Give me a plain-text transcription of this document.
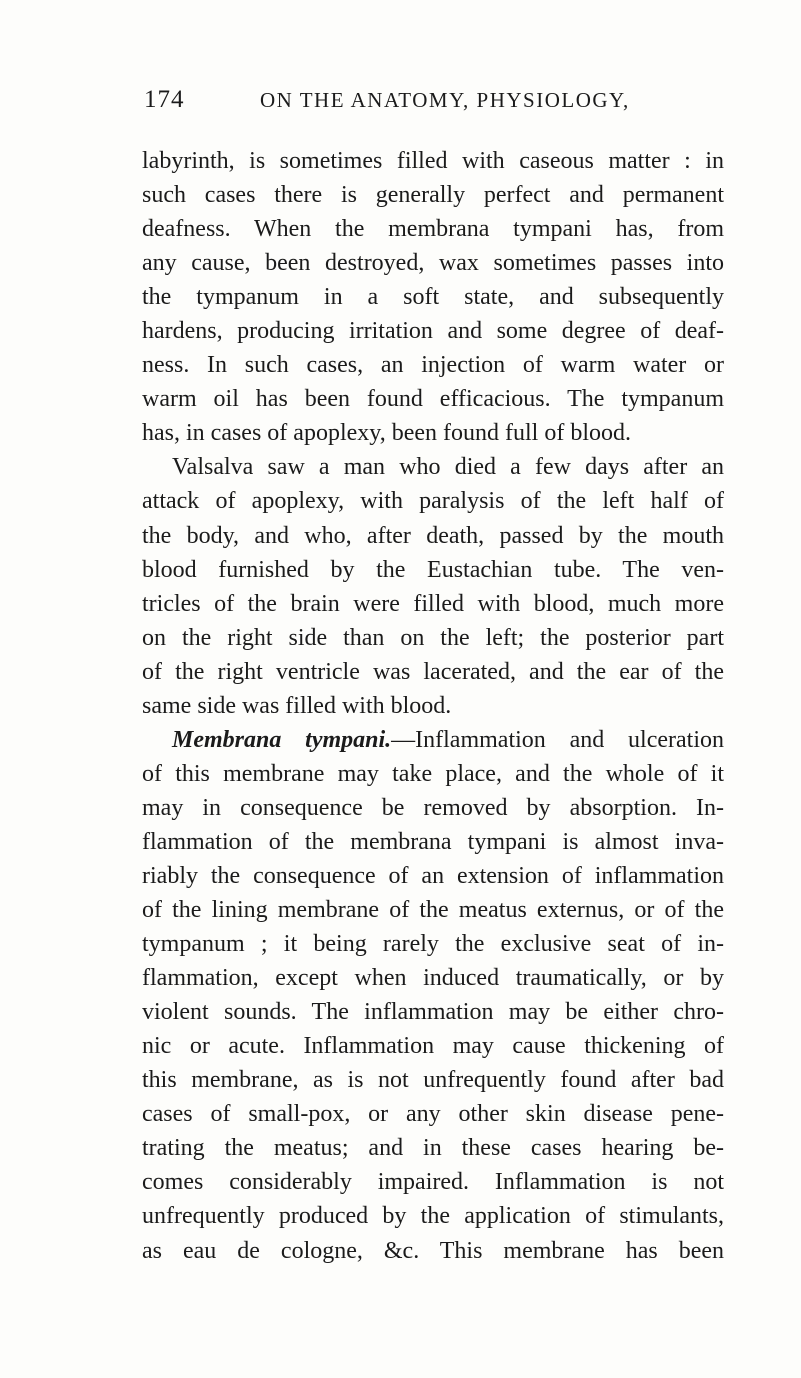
174	ON THE ANATOMY, PHYSIOLOGY,
labyrinth, is sometimes filled with caseous matter : in
such cases there is generally perfect and permanent
deafness. When the membrana tympani has, from
any cause, been destroyed, wax sometimes passes into
the tympanum in a soft state, and subsequently
hardens, producing irritation and some degree of deaf-
ness. In such cases, an injection of warm water or
warm oil has been found efficacious. The tympanum
has, in cases of apoplexy, been found full of blood.
Valsalva saw a man who died a few days after an
attack of apoplexy, with paralysis of the left half of
the body, and who, after death, passed by the mouth
blood furnished by the Eustachian tube. The ven-
tricles of the brain were filled with blood, much more
on the right side than on the left; the posterior part
of the right ventricle was lacerated, and the ear of the
same side was filled with blood.
Membrana tympani.—Inflammation and ulceration
of this membrane may take place, and the whole of it
may in consequence be removed by absorption. In-
flammation of the membrana tympani is almost inva-
riably the consequence of an extension of inflammation
of the lining membrane of the meatus externus, or of the
tympanum ; it being rarely the exclusive seat of in-
flammation, except when induced traumatically, or by
violent sounds. The inflammation may be either chro-
nic or acute. Inflammation may cause thickening of
this membrane, as is not unfrequently found after bad
cases of small-pox, or any other skin disease pene-
trating the meatus; and in these cases hearing be-
comes considerably impaired. Inflammation is not
unfrequently produced by the application of stimulants,
as eau de cologne, &c. This membrane has been
